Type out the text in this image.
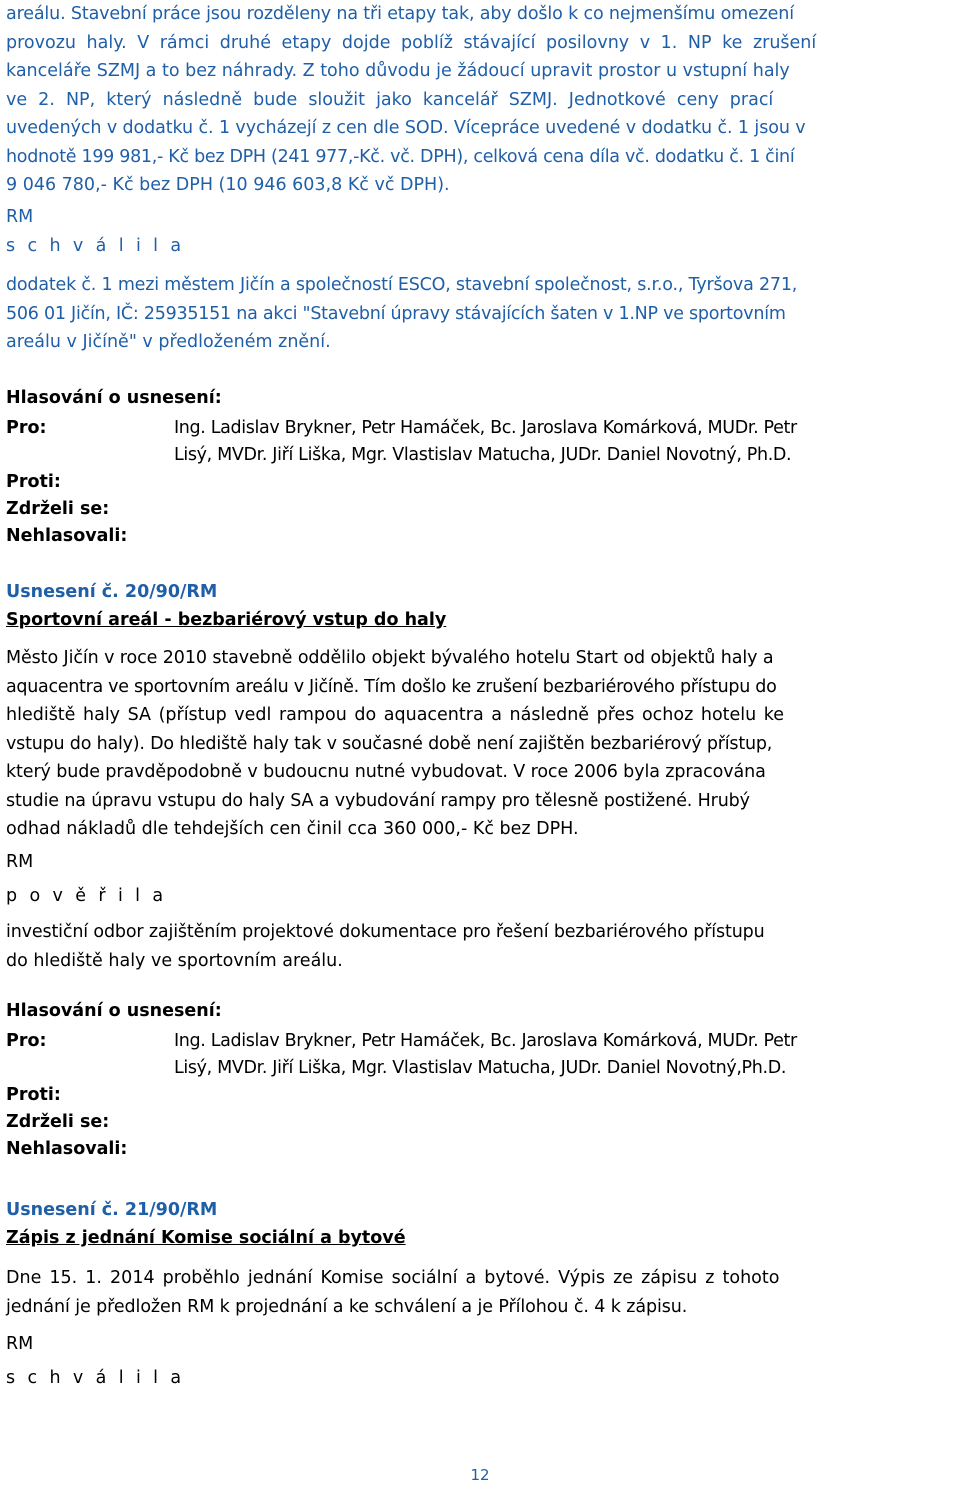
areálu. Stavební práce jsou rozděleny na tři etapy tak, aby došlo k co nejmenšímu omezení
provozu haly. V rámci druhé etapy dojde poblíž stávající posilovny v 1. NP ke zrušení
kanceláře SZMJ a to bez náhrady. Z toho důvodu je žádoucí upravit prostor u vstupní haly
ve 2. NP, který následně bude sloužit jako kancelář SZMJ. Jednotkové ceny prací
uvedených v dodatku č. 1 vycházejí z cen dle SOD. Vícepráce uvedené v dodatku č. 1 jsou v
hodnotě 199 981,- Kč bez DPH (241 977,-Kč. vč. DPH), celková cena díla vč. dodatku č. 1 činí
9 046 780,- Kč bez DPH (10 946 603,8 Kč vč DPH).
RM
s c h v á l i l a
dodatek č. 1 mezi městem Jičín a společností ESCO, stavební společnost, s.r.o., Tyršova 271,
506 01 Jičín, IČ: 25935151 na akci "Stavební úpravy stávajících šaten v 1.NP ve sportovním
areálu v Jičíně" v předloženém znění.
Hlasování o usnesení:
Pro:	Ing. Ladislav Brykner, Petr Hamáček, Bc. Jaroslava Komárková, MUDr. Petr
Lisý, MVDr. Jiří Liška, Mgr. Vlastislav Matucha, JUDr. Daniel Novotný, Ph.D.
Proti:
Zdrželi se:
Nehlasovali:
Usnesení č. 20/90/RM
Sportovní areál - bezbariérový vstup do haly
Město Jičín v roce 2010 stavebně oddělilo objekt bývalého hotelu Start od objektů haly a
aquacentra ve sportovním areálu v Jičíně. Tím došlo ke zrušení bezbariérového přístupu do
hlediště haly SA (přístup vedl rampou do aquacentra a následně přes ochoz hotelu ke
vstupu do haly). Do hlediště haly tak v současné době není zajištěn bezbariérový přístup,
který bude pravděpodobně v budoucnu nutné vybudovat. V roce 2006 byla zpracována
studie na úpravu vstupu do haly SA a vybudování rampy pro tělesně postižené. Hrubý
odhad nákladů dle tehdejších cen činil cca 360 000,- Kč bez DPH.
RM
p o v ě ř i l a
investiční odbor zajištěním projektové dokumentace pro řešení bezbariérového přístupu
do hlediště haly ve sportovním areálu.
Hlasování o usnesení:
Pro:	Ing. Ladislav Brykner, Petr Hamáček, Bc. Jaroslava Komárková, MUDr. Petr
Lisý, MVDr. Jiří Liška, Mgr. Vlastislav Matucha, JUDr. Daniel Novotný,Ph.D.
Proti:
Zdrželi se:
Nehlasovali:
Usnesení č. 21/90/RM
Zápis z jednání Komise sociální a bytové
Dne 15. 1. 2014 proběhlo jednání Komise sociální a bytové. Výpis ze zápisu z tohoto
jednání je předložen RM k projednání a ke schválení a je Přílohou č. 4 k zápisu.
RM
s c h v á l i l a
12
